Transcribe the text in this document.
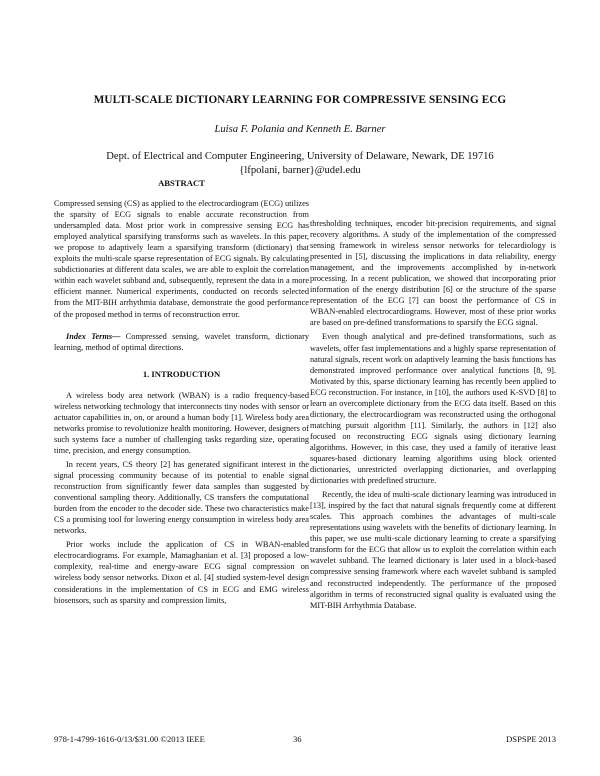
MULTI-SCALE DICTIONARY LEARNING FOR COMPRESSIVE SENSING ECG
Luisa F. Polania and Kenneth E. Barner
Dept. of Electrical and Computer Engineering, University of Delaware, Newark, DE 19716
{lfpolani, barner}@udel.edu
ABSTRACT

Compressed sensing (CS) as applied to the electrocardiogram (ECG) utilizes the sparsity of ECG signals to enable accurate reconstruction from undersampled data. Most prior work in compressive sensing ECG has employed analytical sparsifying transforms such as wavelets. In this paper, we propose to adaptively learn a sparsifying transform (dictionary) that exploits the multi-scale sparse representation of ECG signals. By calculating subdictionaries at different data scales, we are able to exploit the correlation within each wavelet subband and, subsequently, represent the data in a more efficient manner. Numerical experiments, conducted on records selected from the MIT-BIH arrhythmia database, demonstrate the good performance of the proposed method in terms of reconstruction error.

Index Terms— Compressed sensing, wavelet transform, dictionary learning, method of optimal directions.

1. INTRODUCTION

A wireless body area network (WBAN) is a radio frequency-based wireless networking technology that interconnects tiny nodes with sensor or actuator capabilities in, on, or around a human body [1]. Wireless body area networks promise to revolutionize health monitoring. However, designers of such systems face a number of challenging tasks regarding size, operating time, precision, and energy consumption.

In recent years, CS theory [2] has generated significant interest in the signal processing community because of its potential to enable signal reconstruction from significantly fewer data samples than suggested by conventional sampling theory. Additionally, CS transfers the computational burden from the encoder to the decoder side. These two characteristics make CS a promising tool for lowering energy consumption in wireless body area networks.

Prior works include the application of CS in WBAN-enabled electrocardiograms. For example, Mamaghanian et al. [3] proposed a low-complexity, real-time and energy-aware ECG signal compression on wireless body sensor networks. Dixon et al. [4] studied system-level design considerations in the implementation of CS in ECG and EMG wireless biosensors, such as sparsity and compression limits,

thresholding techniques, encoder bit-precision requirements, and signal recovery algorithms. A study of the implementation of the compressed sensing framework in wireless sensor networks for telecardiology is presented in [5], discussing the implications in data reliability, energy management, and the improvements accomplished by in-network processing. In a recent publication, we showed that incorporating prior information of the energy distribution [6] or the structure of the sparse representation of the ECG [7] can boost the performance of CS in WBAN-enabled electrocardiograms. However, most of these prior works are based on pre-defined transformations to sparsify the ECG signal.

Even though analytical and pre-defined transformations, such as wavelets, offer fast implementations and a highly sparse representation of natural signals, recent work on adaptively learning the basis functions has demonstrated improved performance over analytical functions [8, 9]. Motivated by this, sparse dictionary learning has recently been applied to ECG reconstruction. For instance, in [10], the authors used K-SVD [8] to learn an overcomplete dictionary from the ECG data itself. Based on this dictionary, the electrocardiogram was reconstructed using the orthogonal matching pursuit algorithm [11]. Similarly, the authors in [12] also focused on reconstructing ECG signals using dictionary learning algorithms. However, in this case, they used a family of iterative least squares-based dictionary learning algorithms using block oriented dictionaries, unrestricted overlapping dictionaries, and overlapping dictionaries with predefined structure.

Recently, the idea of multi-scale dictionary learning was introduced in [13], inspired by the fact that natural signals frequently come at different scales. This approach combines the advantages of multi-scale representations using wavelets with the benefits of dictionary learning. In this paper, we use multi-scale dictionary learning to create a sparsifying transform for the ECG that allow us to exploit the correlation within each wavelet subband. The learned dictionary is later used in a block-based compressive sensing framework where each wavelet subband is sampled and reconstructed independently. The performance of the proposed algorithm in terms of reconstructed signal quality is evaluated using the MIT-BIH Arrhythmia Database.

978-1-4799-1616-0/13/$31.00 ©2013 IEEE	36	DSPSPE 2013
